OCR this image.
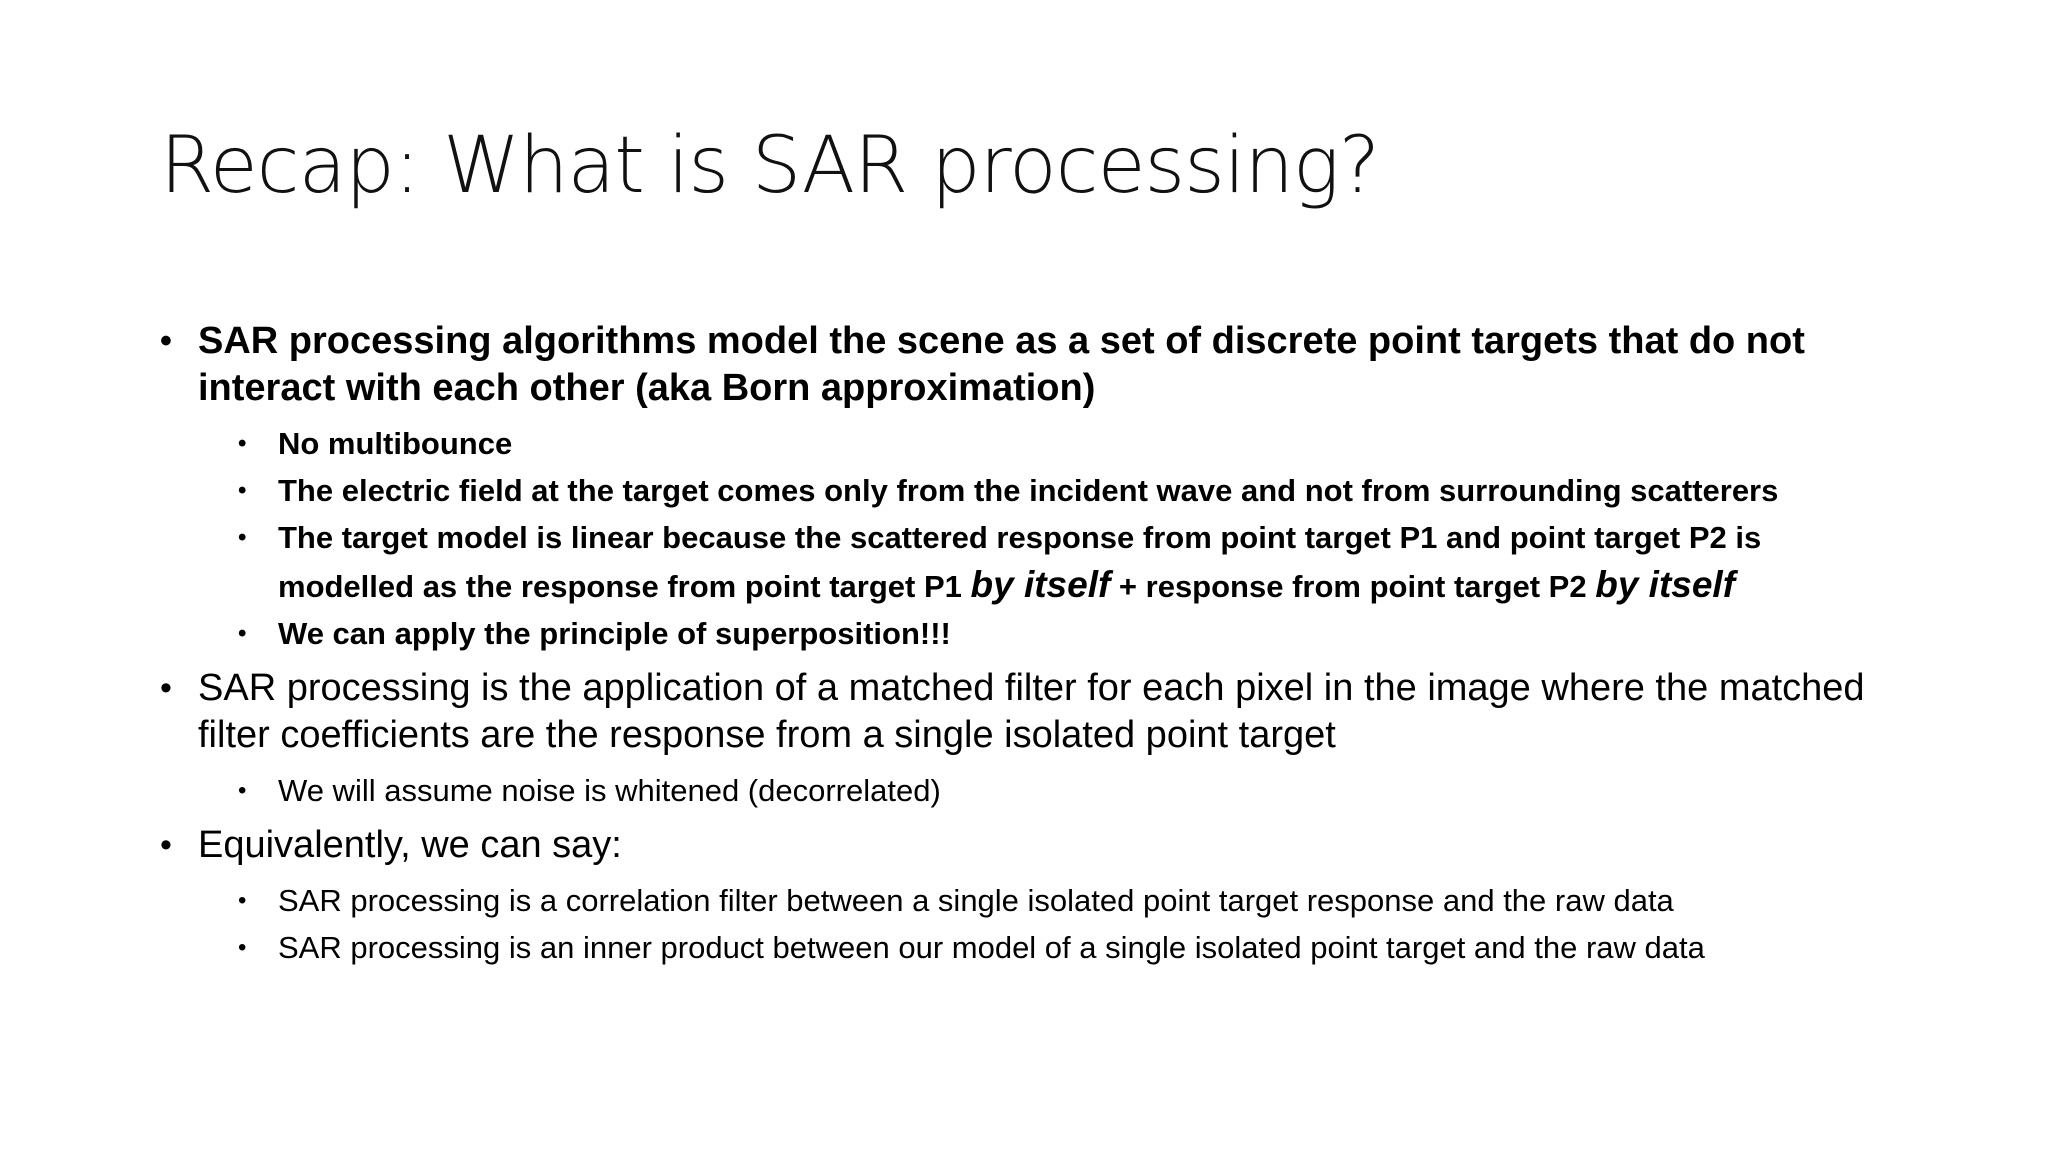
Recap: What is SAR processing?
• SAR processing algorithms model the scene as a set of discrete point targets that do not interact with each other (aka Born approximation)
• No multibounce
• The electric field at the target comes only from the incident wave and not from surrounding scatterers
• The target model is linear because the scattered response from point target P1 and point target P2 is modelled as the response from point target P1 by itself + response from point target P2 by itself
• We can apply the principle of superposition!!!
• SAR processing is the application of a matched filter for each pixel in the image where the matched filter coefficients are the response from a single isolated point target
• We will assume noise is whitened (decorrelated)
• Equivalently, we can say:
• SAR processing is a correlation filter between a single isolated point target response and the raw data
• SAR processing is an inner product between our model of a single isolated point target and the raw data
